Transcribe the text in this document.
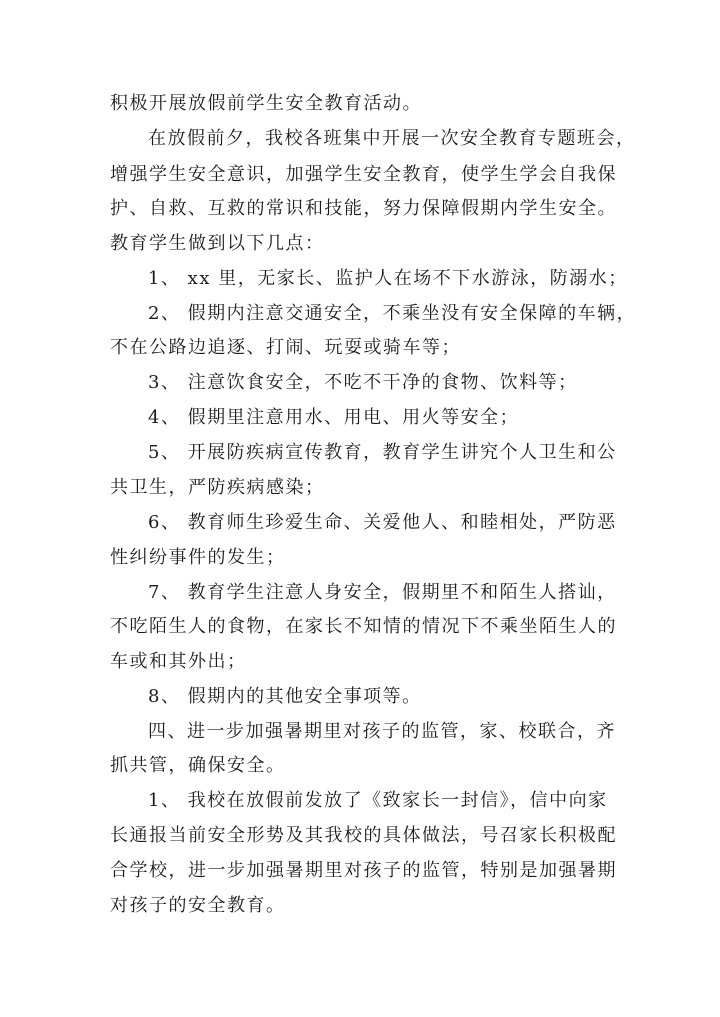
积极开展放假前学生安全教育活动。
在放假前夕，我校各班集中开展一次安全教育专题班会，
增强学生安全意识，加强学生安全教育，使学生学会自我保
护、自救、互救的常识和技能，努力保障假期内学生安全。
教育学生做到以下几点：
1、 xx 里，无家长、监护人在场不下水游泳，防溺水；
2、 假期内注意交通安全，不乘坐没有安全保障的车辆，
不在公路边追逐、打闹、玩耍或骑车等；
3、 注意饮食安全，不吃不干净的食物、饮料等；
4、 假期里注意用水、用电、用火等安全；
5、 开展防疾病宣传教育，教育学生讲究个人卫生和公
共卫生，严防疾病感染；
6、 教育师生珍爱生命、关爱他人、和睦相处，严防恶
性纠纷事件的发生；
7、 教育学生注意人身安全，假期里不和陌生人搭讪，
不吃陌生人的食物，在家长不知情的情况下不乘坐陌生人的
车或和其外出；
8、 假期内的其他安全事项等。
四、进一步加强暑期里对孩子的监管，家、校联合，齐
抓共管，确保安全。
1、 我校在放假前发放了《致家长一封信》，信中向家
长通报当前安全形势及其我校的具体做法，号召家长积极配
合学校，进一步加强暑期里对孩子的监管，特别是加强暑期
对孩子的安全教育。
